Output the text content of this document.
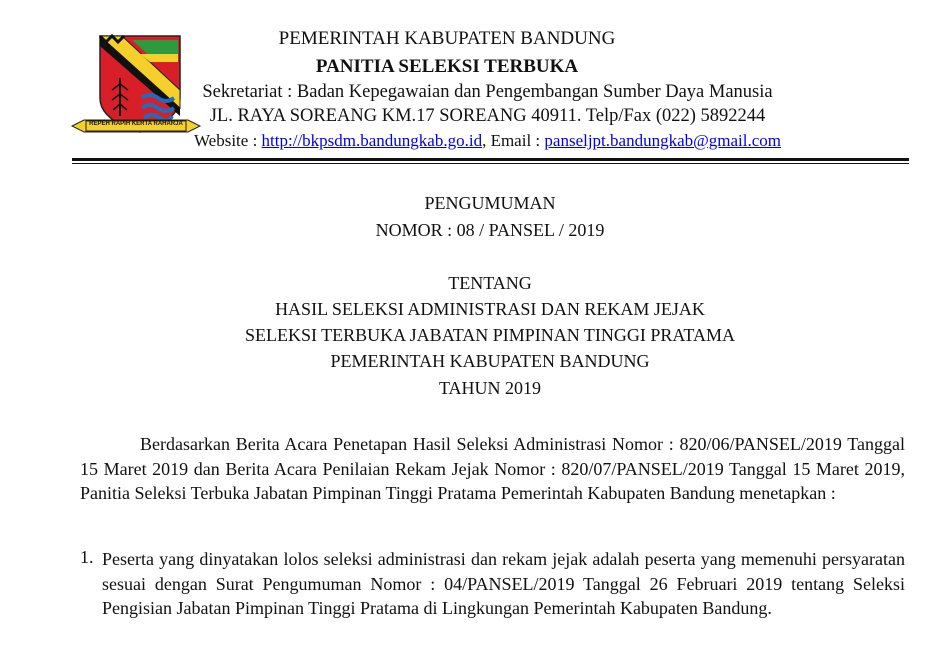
REPEH RAPIH KERTA RAHARJA
PEMERINTAH KABUPATEN BANDUNG
PANITIA SELEKSI TERBUKA
Sekretariat : Badan Kepegawaian dan Pengembangan Sumber Daya Manusia
JL. RAYA SOREANG KM.17 SOREANG 40911. Telp/Fax (022) 5892244
Website : http://bkpsdm.bandungkab.go.id, Email : panseljpt.bandungkab@gmail.com
PENGUMUMAN
NOMOR : 08 / PANSEL / 2019
TENTANG
HASIL SELEKSI ADMINISTRASI DAN REKAM JEJAK
SELEKSI TERBUKA JABATAN PIMPINAN TINGGI PRATAMA
PEMERINTAH KABUPATEN BANDUNG
TAHUN 2019
Berdasarkan Berita Acara Penetapan Hasil Seleksi Administrasi Nomor : 820/06/PANSEL/2019 Tanggal 15 Maret 2019 dan Berita Acara Penilaian Rekam Jejak Nomor : 820/07/PANSEL/2019 Tanggal 15 Maret 2019, Panitia Seleksi Terbuka Jabatan Pimpinan Tinggi Pratama Pemerintah Kabupaten Bandung menetapkan :
1. Peserta yang dinyatakan lolos seleksi administrasi dan rekam jejak adalah peserta yang memenuhi persyaratan sesuai dengan Surat Pengumuman Nomor : 04/PANSEL/2019 Tanggal 26 Februari 2019 tentang Seleksi Pengisian Jabatan Pimpinan Tinggi Pratama di Lingkungan Pemerintah Kabupaten Bandung.
